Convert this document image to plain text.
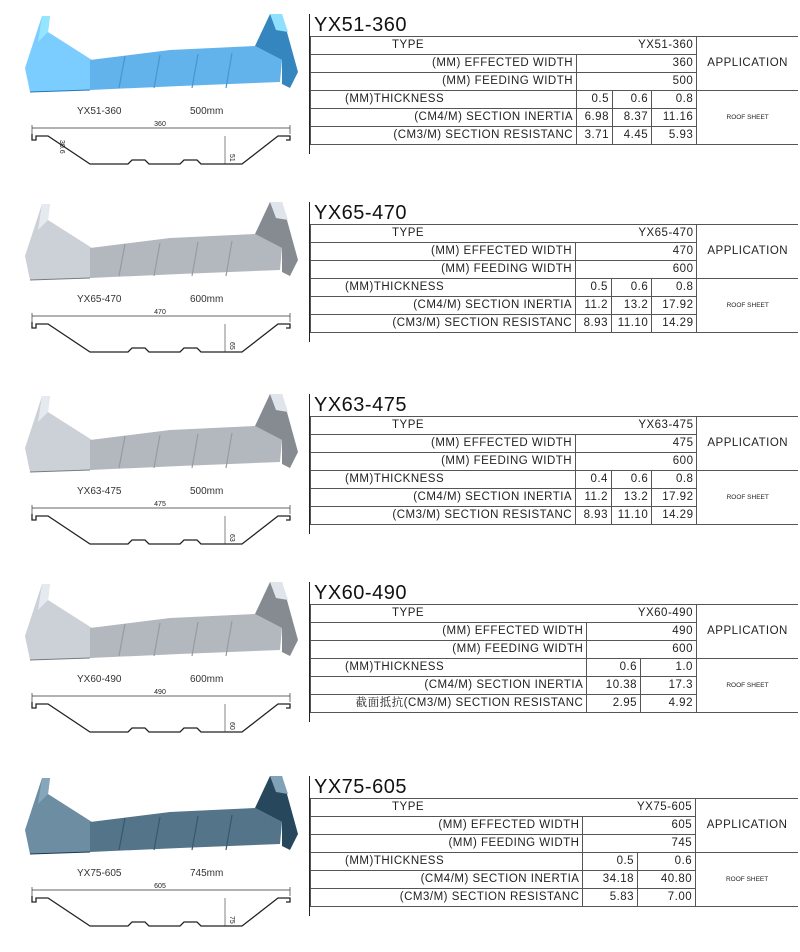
YX51-360	500mm
360
51
30.6
YX51-360
TYPE YX51-360				APPLICATION
(MM) EFFECTED WIDTH	360			
(MM) FEEDING WIDTH	500			
(MM)THICKNESS	0.5	0.6	0.8	ROOF SHEET
(CM4/M) SECTION INERTIA	6.98	8.37	11.16	
(CM3/M) SECTION RESISTANC	3.71	4.45	5.93	
YX65-470	600mm
470
65
YX65-470
TYPE YX65-470				APPLICATION
(MM) EFFECTED WIDTH	470			
(MM) FEEDING WIDTH	600			
(MM)THICKNESS	0.5	0.6	0.8	ROOF SHEET
(CM4/M) SECTION INERTIA	11.2	13.2	17.92	
(CM3/M) SECTION RESISTANC	8.93	11.10	14.29	
YX63-475	500mm
475
63
YX63-475
TYPE YX63-475				APPLICATION
(MM) EFFECTED WIDTH	475			
(MM) FEEDING WIDTH	600			
(MM)THICKNESS	0.4	0.6	0.8	ROOF SHEET
(CM4/M) SECTION INERTIA	11.2	13.2	17.92	
(CM3/M) SECTION RESISTANC	8.93	11.10	14.29	
YX60-490	600mm
490
60
YX60-490
TYPE YX60-490			APPLICATION
(MM) EFFECTED WIDTH	490		
(MM) FEEDING WIDTH	600		
(MM)THICKNESS	0.6	1.0	ROOF SHEET
(CM4/M) SECTION INERTIA	10.38	17.3	
截面抵抗(CM3/M) SECTION RESISTANC	2.95	4.92	
YX75-605	745mm
605
75
YX75-605
TYPE YX75-605			APPLICATION
(MM) EFFECTED WIDTH	605		
(MM) FEEDING WIDTH	745		
(MM)THICKNESS	0.5	0.6	ROOF SHEET
(CM4/M) SECTION INERTIA	34.18	40.80	
(CM3/M) SECTION RESISTANC	5.83	7.00	
